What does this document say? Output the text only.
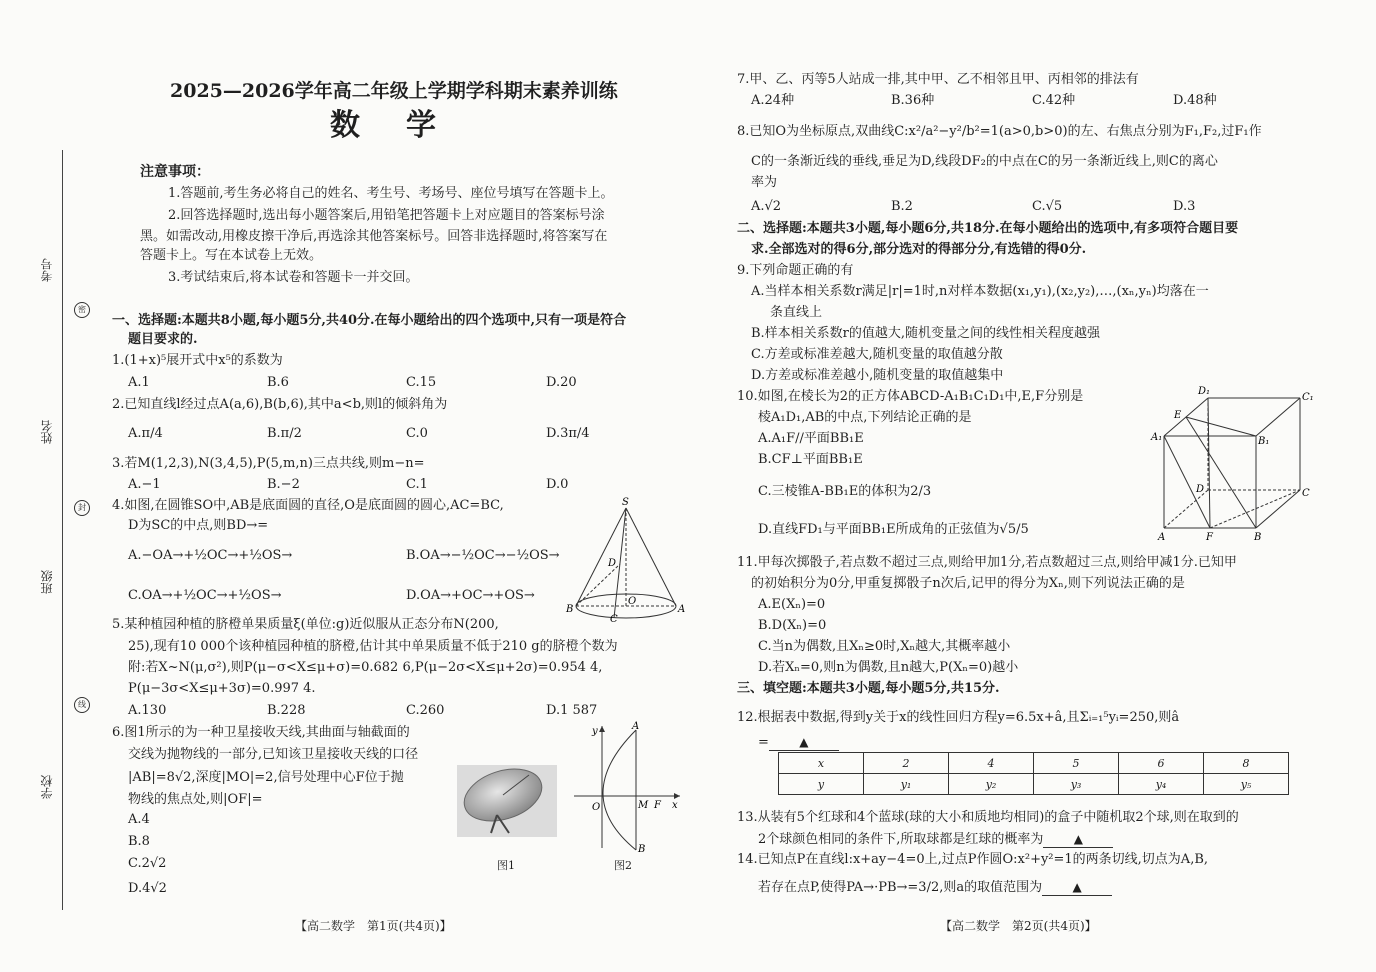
考号
姓名
班级
学校
密
封
线
2025—2026学年高二年级上学期学科期末素养训练
数　学
注意事项：
1.答题前,考生务必将自己的姓名、考生号、考场号、座位号填写在答题卡上。
2.回答选择题时,选出每小题答案后,用铅笔把答题卡上对应题目的答案标号涂
黑。如需改动,用橡皮擦干净后,再选涂其他答案标号。回答非选择题时,将答案写在
答题卡上。写在本试卷上无效。
3.考试结束后,将本试卷和答题卡一并交回。
一、选择题:本题共8小题,每小题5分,共40分.在每小题给出的四个选项中,只有一项是符合
题目要求的.
1.(1+x)⁵展开式中x⁵的系数为
A.1	B.6	C.15	D.20
2.已知直线l经过点A(a,6),B(b,6),其中a<b,则l的倾斜角为
A.π/4	B.π/2	C.0	D.3π/4
3.若M(1,2,3),N(3,4,5),P(5,m,n)三点共线,则m−n=
A.−1	B.−2	C.1	D.0
4.如图,在圆锥SO中,AB是底面圆的直径,O是底面圆的圆心,AC=BC,
D为SC的中点,则BD→=
A.−OA→+½OC→+½OS→	B.OA→−½OC→−½OS→
C.OA→+½OC→+½OS→	D.OA→+OC→+OS→
S
D
B
O
A
C
5.某种植园种植的脐橙单果质量ξ(单位:g)近似服从正态分布N(200,
25),现有10 000个该种植园种植的脐橙,估计其中单果质量不低于210 g的脐橙个数为
附:若X~N(μ,σ²),则P(μ−σ<X≤μ+σ)=0.682 6,P(μ−2σ<X≤μ+2σ)=0.954 4,
P(μ−3σ<X≤μ+3σ)=0.997 4.
A.130	B.228	C.260	D.1 587
6.图1所示的为一种卫星接收天线,其曲面与轴截面的
交线为抛物线的一部分,已知该卫星接收天线的口径
|AB|=8√2,深度|MO|=2,信号处理中心F位于抛
物线的焦点处,则|OF|=
A.4
B.8
C.2√2
D.4√2
图1
y	A
O	M F x
B
图2
【高二数学　第1页(共4页)】
7.甲、乙、丙等5人站成一排,其中甲、乙不相邻且甲、丙相邻的排法有
A.24种	B.36种	C.42种	D.48种
8.已知O为坐标原点,双曲线C:x²/a²−y²/b²=1(a>0,b>0)的左、右焦点分别为F₁,F₂,过F₁作
C的一条渐近线的垂线,垂足为D,线段DF₂的中点在C的另一条渐近线上,则C的离心
率为
A.√2	B.2	C.√5	D.3
二、选择题:本题共3小题,每小题6分,共18分.在每小题给出的选项中,有多项符合题目要
求.全部选对的得6分,部分选对的得部分分,有选错的得0分.
9.下列命题正确的有
A.当样本相关系数r满足|r|=1时,n对样本数据(x₁,y₁),(x₂,y₂),…,(xₙ,yₙ)均落在一
条直线上
B.样本相关系数r的值越大,随机变量之间的线性相关程度越强
C.方差或标准差越大,随机变量的取值越分散
D.方差或标准差越小,随机变量的取值越集中
10.如图,在棱长为2的正方体ABCD-A₁B₁C₁D₁中,E,F分别是
棱A₁D₁,AB的中点,下列结论正确的是
A.A₁F//平面BB₁E
B.CF⊥平面BB₁E
C.三棱锥A-BB₁E的体积为2/3
D.直线FD₁与平面BB₁E所成角的正弦值为√5/5
D₁
C₁
E
A₁	B₁
D	C
A	F	B
11.甲每次掷骰子,若点数不超过三点,则给甲加1分,若点数超过三点,则给甲减1分.已知甲
的初始积分为0分,甲重复掷骰子n次后,记甲的得分为Xₙ,则下列说法正确的是
A.E(Xₙ)=0
B.D(Xₙ)=0
C.当n为偶数,且Xₙ≥0时,Xₙ越大,其概率越小
D.若Xₙ=0,则n为偶数,且n越大,P(Xₙ=0)越小
三、填空题:本题共3小题,每小题5分,共15分.
12.根据表中数据,得到y关于x的线性回归方程y=6.5x+â,且Σᵢ₌₁⁵yᵢ=250,则â
=	▲
x	2	4	5	6	8
y	y₁	y₂	y₃	y₄	y₅
13.从装有5个红球和4个蓝球(球的大小和质地均相同)的盒子中随机取2个球,则在取到的
2个球颜色相同的条件下,所取球都是红球的概率为	▲
14.已知点P在直线l:x+ay−4=0上,过点P作圆O:x²+y²=1的两条切线,切点为A,B,
若存在点P,使得PA→·PB→=3/2,则a的取值范围为	▲
【高二数学　第2页(共4页)】
